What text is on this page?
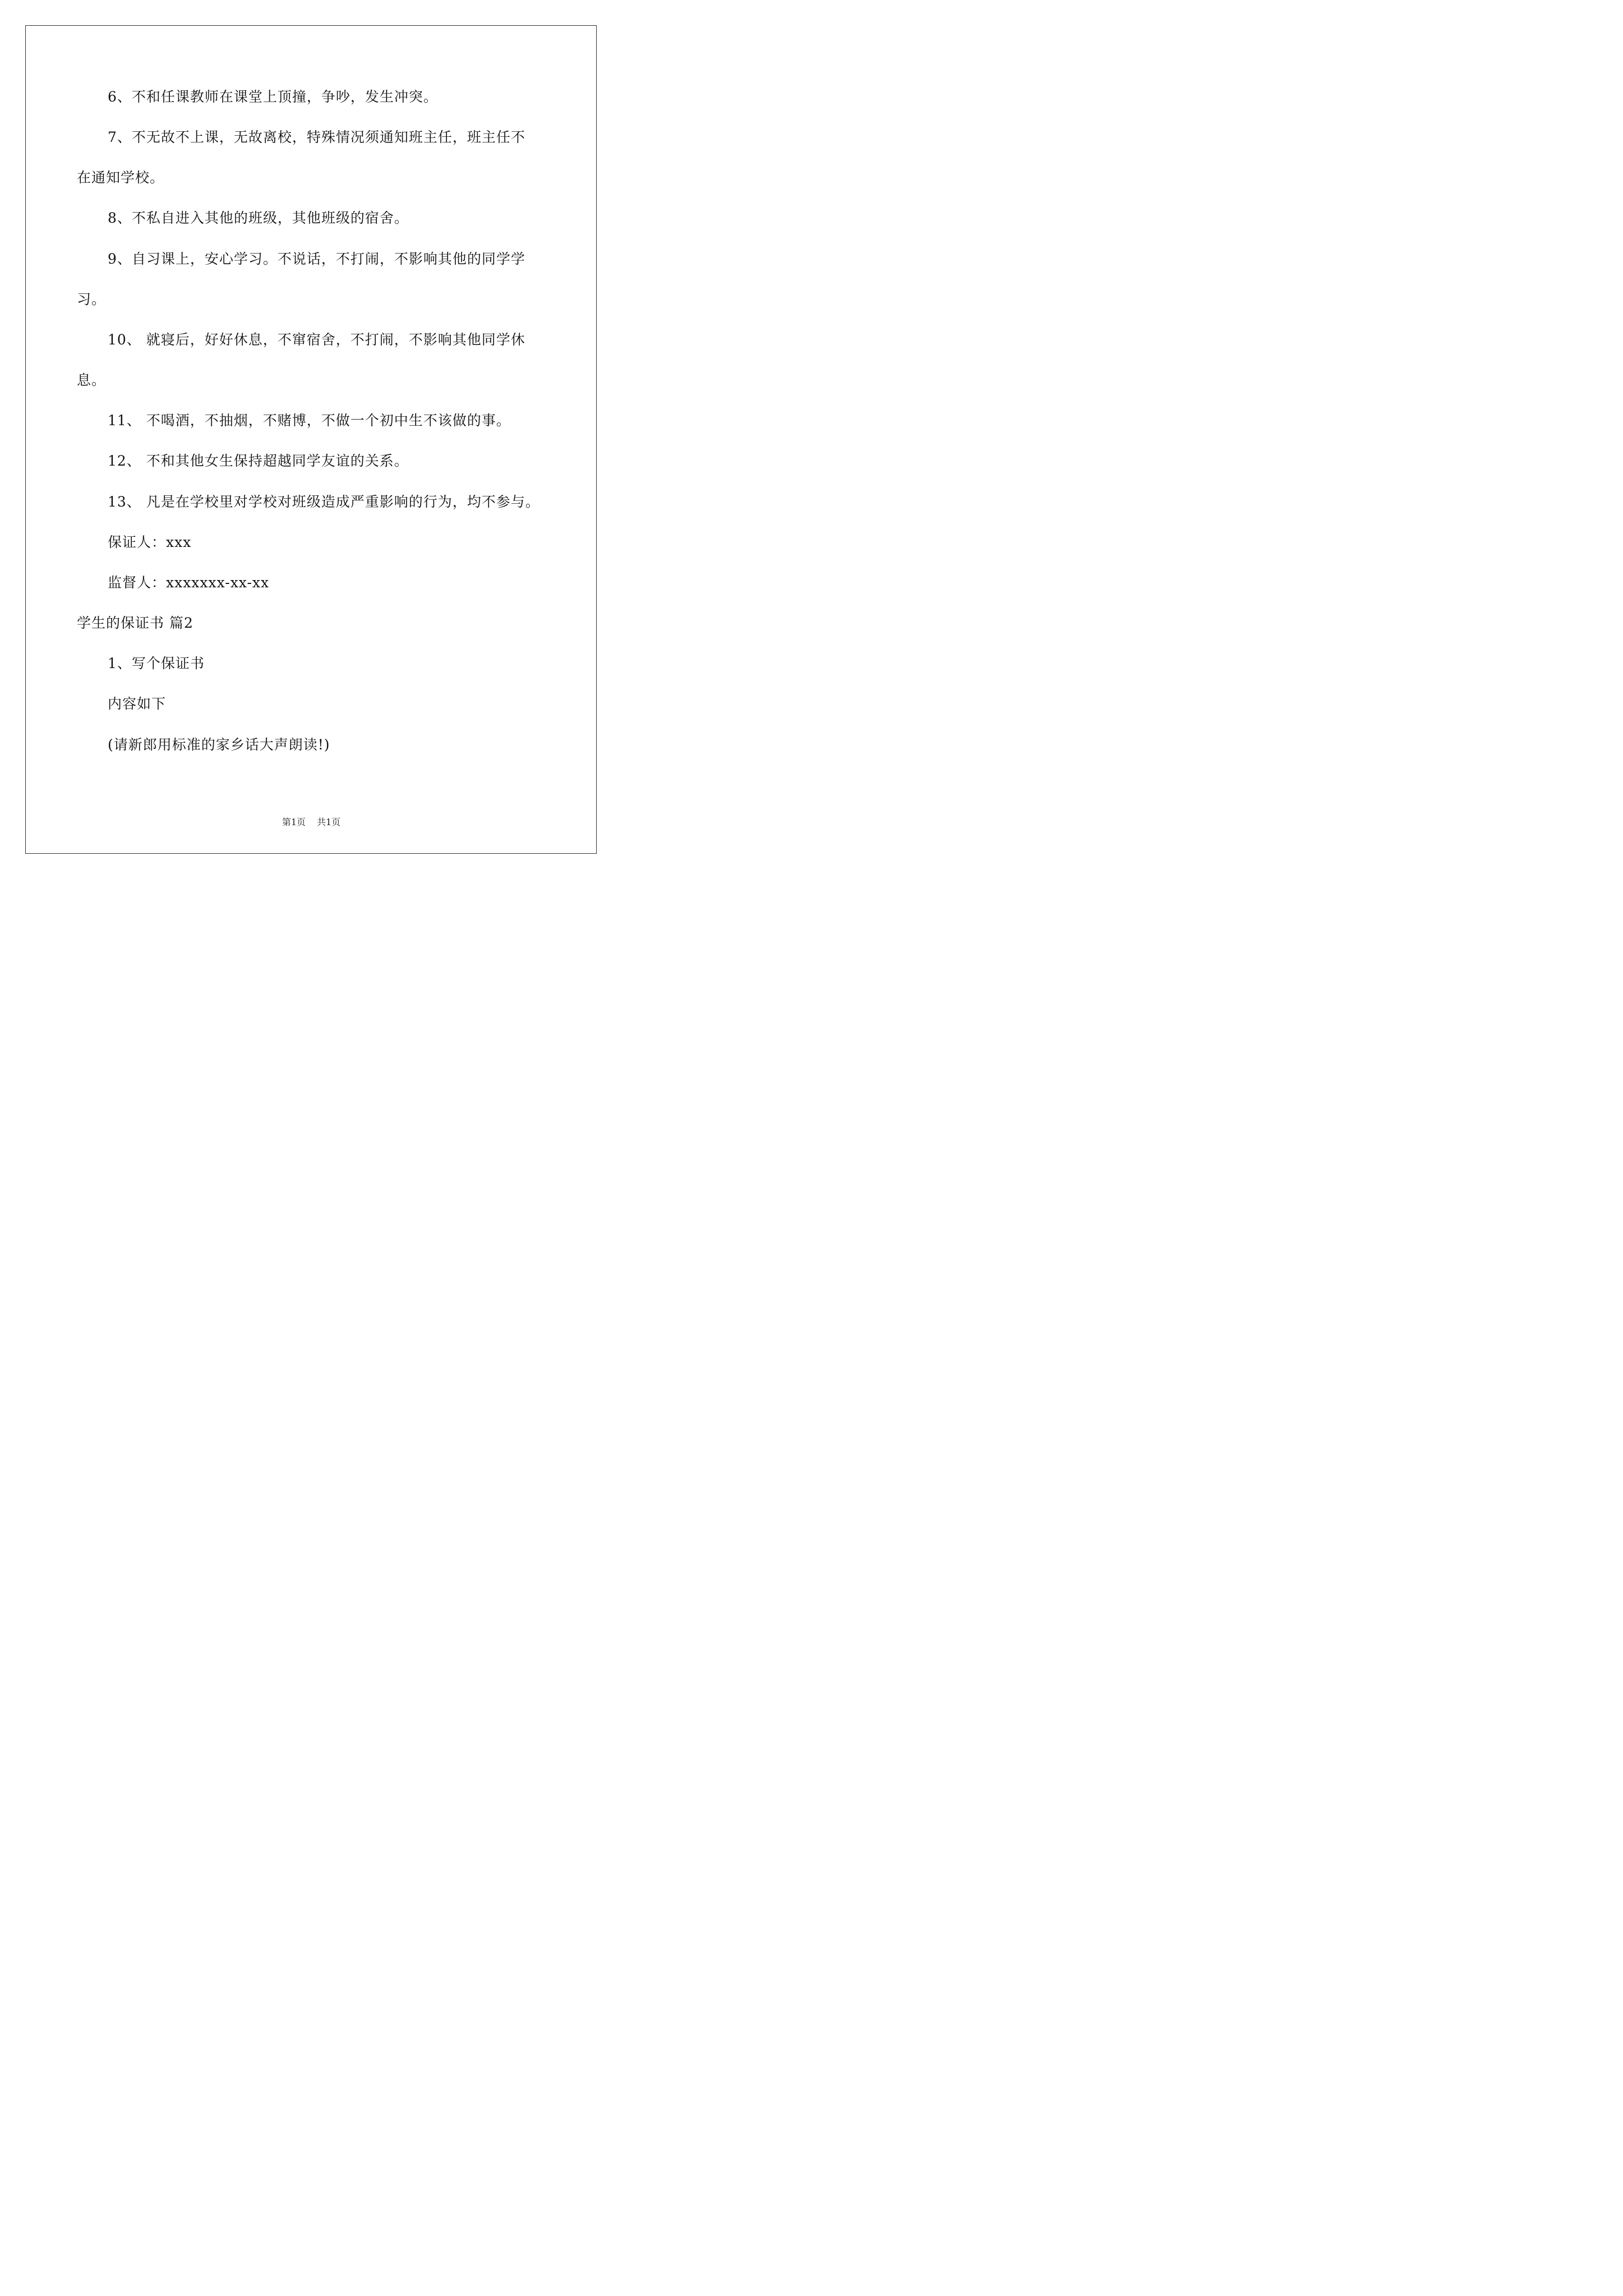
6、不和任课教师在课堂上顶撞，争吵，发生冲突。
7、不无故不上课，无故离校，特殊情况须通知班主任，班主任不
在通知学校。
8、不私自进入其他的班级，其他班级的宿舍。
9、自习课上，安心学习。不说话，不打闹，不影响其他的同学学
习。
10、 就寝后，好好休息，不窜宿舍，不打闹，不影响其他同学休
息。
11、 不喝酒，不抽烟，不赌博，不做一个初中生不该做的事。
12、 不和其他女生保持超越同学友谊的关系。
13、 凡是在学校里对学校对班级造成严重影响的行为，均不参与。
保证人：xxx
监督人：xxxxxxx-xx-xx
学生的保证书 篇2
1、写个保证书
内容如下
(请新郎用标准的家乡话大声朗读!)
第1页 共1页
